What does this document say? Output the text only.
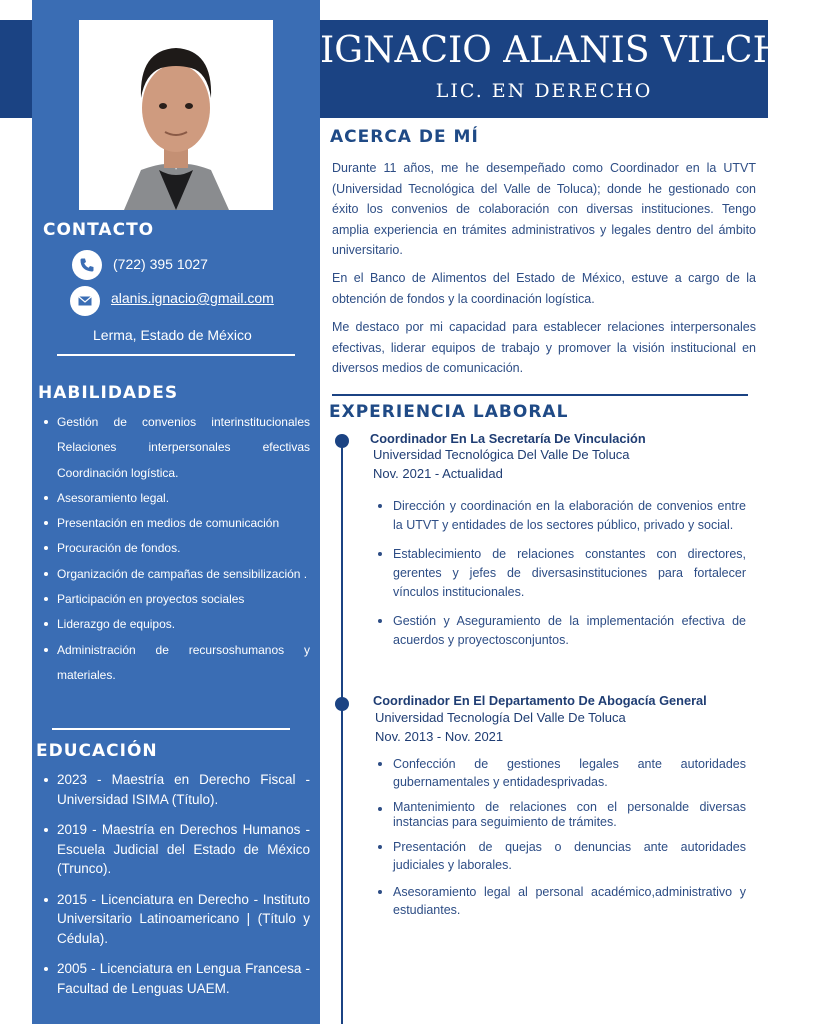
IGNACIO ALANIS VILCHIS
LIC. EN DERECHO
CONTACTO
(722) 395 1027
alanis.ignacio@gmail.com
Lerma, Estado de México
HABILIDADES
Gestión de convenios interinstitucionales Relaciones interpersonales efectivas Coordinación logística.
Asesoramiento legal.
Presentación en medios de comunicación
Procuración de fondos.
Organización de campañas de sensibilización .
Participación en proyectos sociales
Liderazgo de equipos.
Administración de recursoshumanos y materiales.
EDUCACIÓN
2023 - Maestría en Derecho Fiscal - Universidad ISIMA (Título).
2019 - Maestría en Derechos Humanos - Escuela Judicial del Estado de México (Trunco).
2015 - Licenciatura en Derecho - Instituto Universitario Latinoamericano | (Título y Cédula).
2005 - Licenciatura en Lengua Francesa - Facultad de Lenguas UAEM.
ACERCA DE MÍ

Durante 11 años, me he desempeñado como Coordinador en la UTVT (Universidad Tecnológica del Valle de Toluca); donde he gestionado con éxito los convenios de colaboración con diversas instituciones. Tengo amplia experiencia en trámites administrativos y legales dentro del ámbito universitario.

En el Banco de Alimentos del Estado de México, estuve a cargo de la obtención de fondos y la coordinación logística.

Me destaco por mi capacidad para establecer relaciones interpersonales efectivas, liderar equipos de trabajo y promover la visión institucional en diversos medios de comunicación.

EXPERIENCIA LABORAL
Coordinador En La Secretaría De Vinculación
Universidad Tecnológica Del Valle De Toluca
Nov. 2021 - Actualidad
Dirección y coordinación en la elaboración de convenios entre la UTVT y entidades de los sectores público, privado y social.
Establecimiento de relaciones constantes con directores, gerentes y jefes de diversasinstituciones para fortalecer vínculos institucionales.
Gestión y Aseguramiento de la implementación efectiva de acuerdos y proyectosconjuntos.
Coordinador En El Departamento De Abogacía General
Universidad Tecnología Del Valle De Toluca
Nov. 2013 - Nov. 2021
Confección de gestiones legales ante autoridades gubernamentales y entidadesprivadas.
Mantenimiento de relaciones con el personalde diversas instancias para seguimiento de trámites.
Presentación de quejas o denuncias ante autoridades judiciales y laborales.
Asesoramiento legal al personal académico,administrativo y estudiantes.
